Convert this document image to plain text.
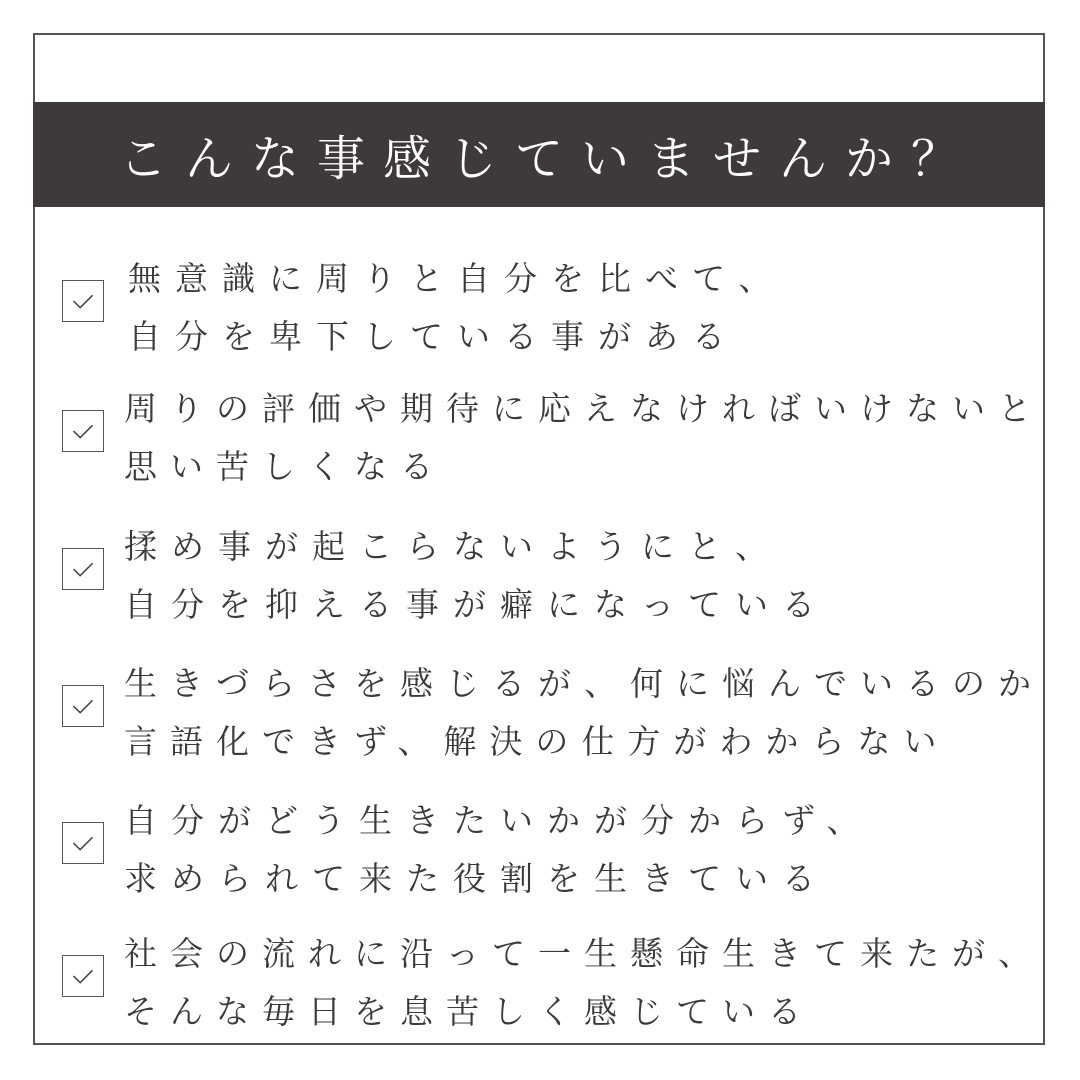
こんな事感じていませんか？
無意識に周りと自分を比べて、
自分を卑下している事がある
周りの評価や期待に応えなければいけないと
思い苦しくなる
揉め事が起こらないようにと、
自分を抑える事が癖になっている
生きづらさを感じるが、何に悩んでいるのか
言語化できず、解決の仕方がわからない
自分がどう生きたいかが分からず、
求められて来た役割を生きている
社会の流れに沿って一生懸命生きて来たが、
そんな毎日を息苦しく感じている
